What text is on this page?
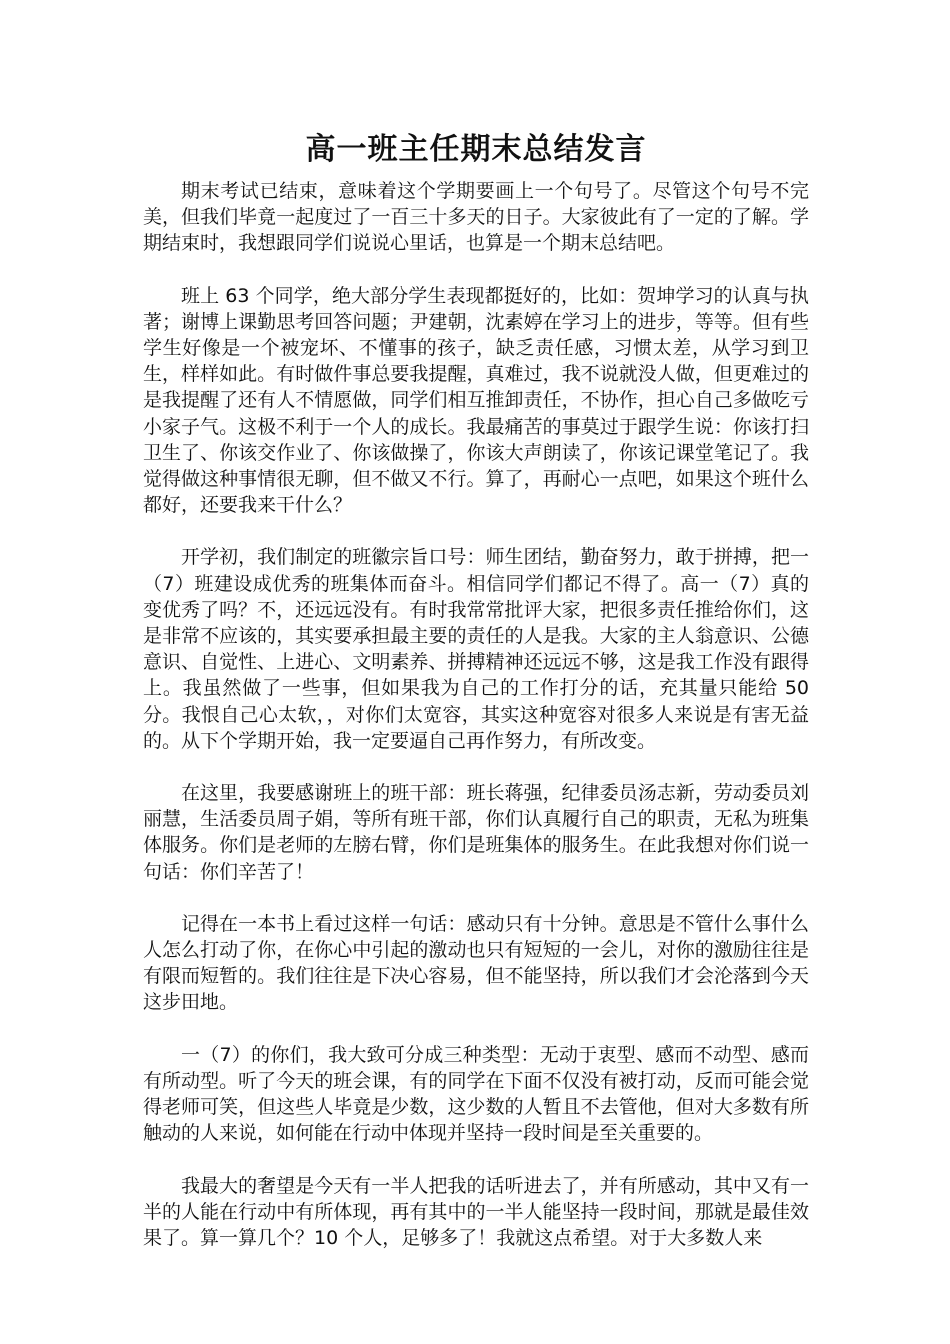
高一班主任期末总结发言

期末考试已结束，意味着这个学期要画上一个句号了。尽管这个句号不完美，但我们毕竟一起度过了一百三十多天的日子。大家彼此有了一定的了解。学期结束时，我想跟同学们说说心里话，也算是一个期末总结吧。

班上 63 个同学，绝大部分学生表现都挺好的，比如：贺坤学习的认真与执著；谢博上课勤思考回答问题；尹建朝，沈素婷在学习上的进步，等等。但有些学生好像是一个被宠坏、不懂事的孩子，缺乏责任感，习惯太差，从学习到卫生，样样如此。有时做件事总要我提醒，真难过，我不说就没人做，但更难过的是我提醒了还有人不情愿做，同学们相互推卸责任，不协作，担心自己多做吃亏小家子气。这极不利于一个人的成长。我最痛苦的事莫过于跟学生说：你该打扫卫生了、你该交作业了、你该做操了，你该大声朗读了，你该记课堂笔记了。我觉得做这种事情很无聊，但不做又不行。算了，再耐心一点吧，如果这个班什么都好，还要我来干什么？

开学初，我们制定的班徽宗旨口号：师生团结，勤奋努力，敢于拼搏，把一（7）班建设成优秀的班集体而奋斗。相信同学们都记不得了。高一（7）真的变优秀了吗？不，还远远没有。有时我常常批评大家，把很多责任推给你们，这是非常不应该的，其实要承担最主要的责任的人是我。大家的主人翁意识、公德意识、自觉性、上进心、文明素养、拼搏精神还远远不够，这是我工作没有跟得上。我虽然做了一些事，但如果我为自己的工作打分的话，充其量只能给 50 分。我恨自己心太软，，对你们太宽容，其实这种宽容对很多人来说是有害无益的。从下个学期开始，我一定要逼自己再作努力，有所改变。

在这里，我要感谢班上的班干部：班长蒋强，纪律委员汤志新，劳动委员刘丽慧，生活委员周子娟，等所有班干部，你们认真履行自己的职责，无私为班集体服务。你们是老师的左膀右臂，你们是班集体的服务生。在此我想对你们说一句话：你们辛苦了！

记得在一本书上看过这样一句话：感动只有十分钟。意思是不管什么事什么人怎么打动了你，在你心中引起的激动也只有短短的一会儿，对你的激励往往是有限而短暂的。我们往往是下决心容易，但不能坚持，所以我们才会沦落到今天这步田地。

一（7）的你们，我大致可分成三种类型：无动于衷型、感而不动型、感而有所动型。听了今天的班会课，有的同学在下面不仅没有被打动，反而可能会觉得老师可笑，但这些人毕竟是少数，这少数的人暂且不去管他，但对大多数有所触动的人来说，如何能在行动中体现并坚持一段时间是至关重要的。

我最大的奢望是今天有一半人把我的话听进去了，并有所感动，其中又有一半的人能在行动中有所体现，再有其中的一半人能坚持一段时间，那就是最佳效果了。算一算几个？10 个人，足够多了！我就这点希望。对于大多数人来
